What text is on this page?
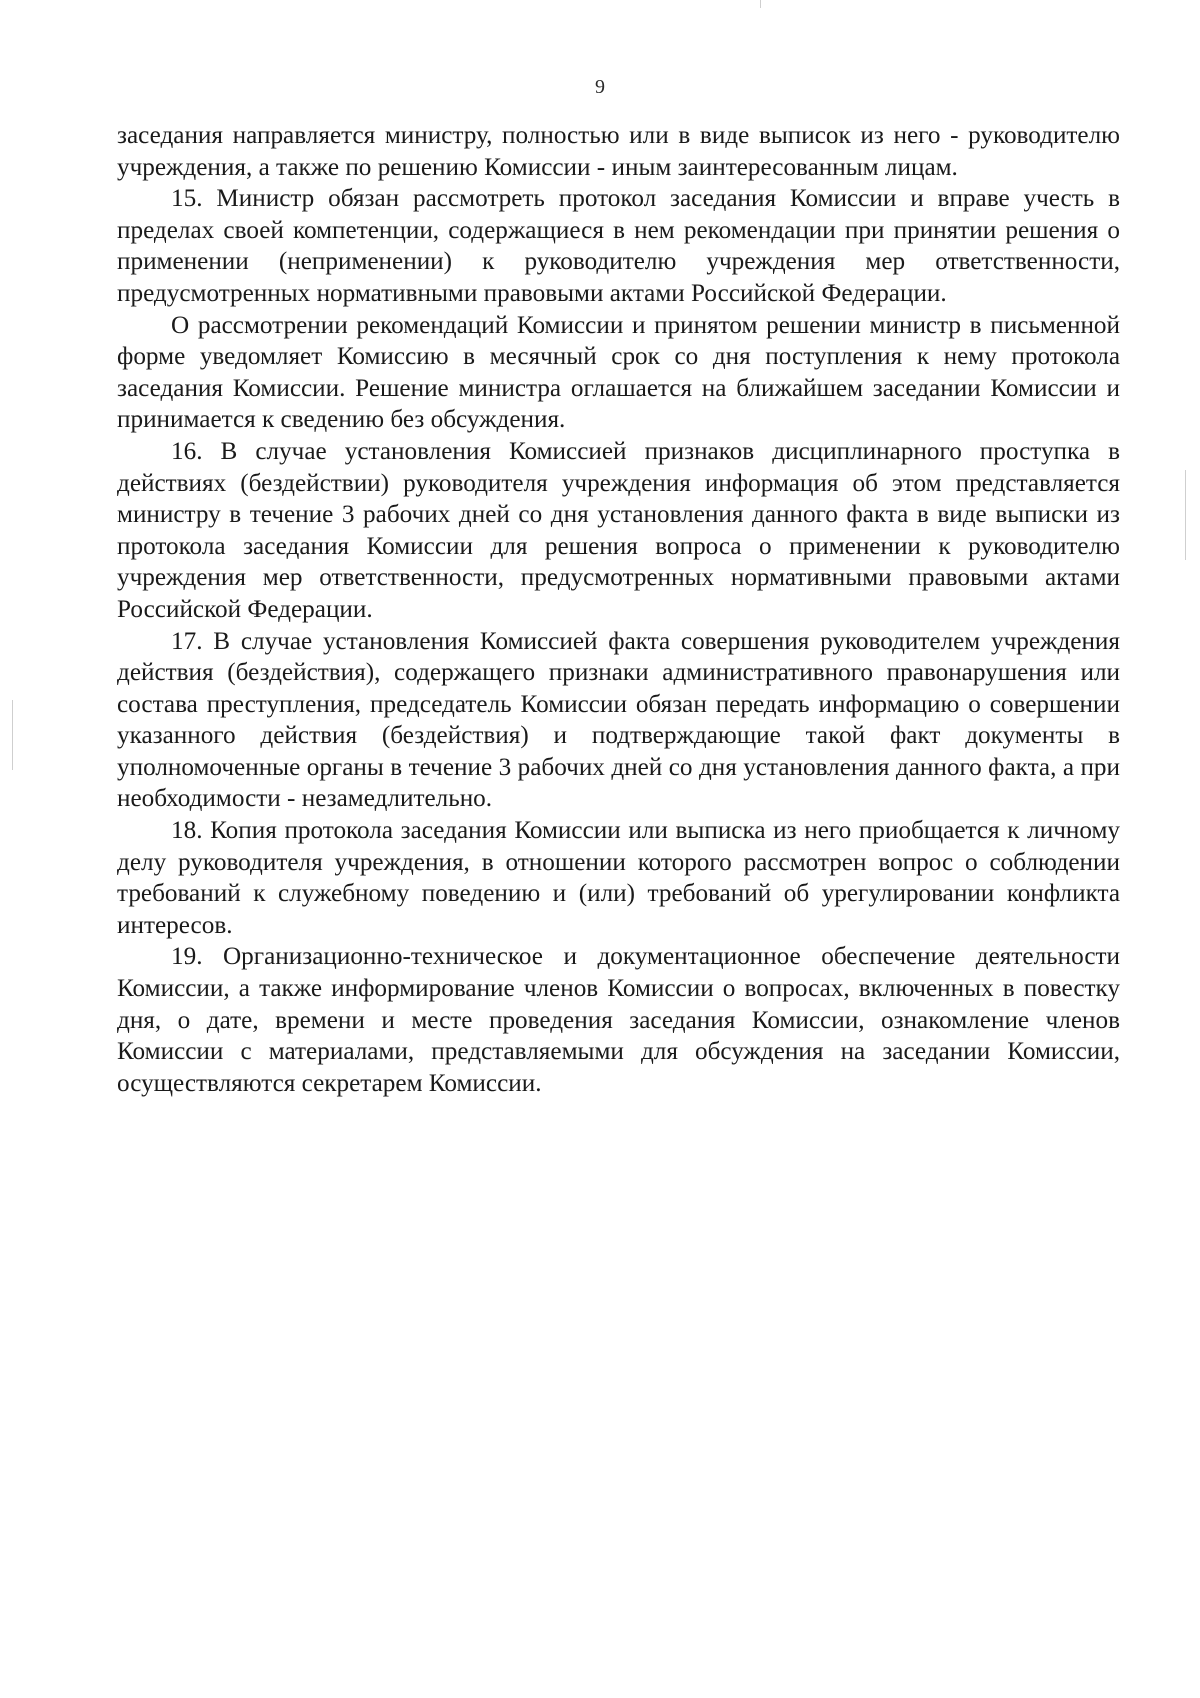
9

заседания направляется министру, полностью или в виде выписок из него - руководителю учреждения, а также по решению Комиссии - иным заинтересованным лицам.

15. Министр обязан рассмотреть протокол заседания Комиссии и вправе учесть в пределах своей компетенции, содержащиеся в нем рекомендации при принятии решения о применении (неприменении) к руководителю учреждения мер ответственности, предусмотренных нормативными правовыми актами Российской Федерации.

О рассмотрении рекомендаций Комиссии и принятом решении министр в письменной форме уведомляет Комиссию в месячный срок со дня поступления к нему протокола заседания Комиссии. Решение министра оглашается на ближайшем заседании Комиссии и принимается к сведению без обсуждения.

16. В случае установления Комиссией признаков дисциплинарного проступка в действиях (бездействии) руководителя учреждения информация об этом представляется министру в течение 3 рабочих дней со дня установления данного факта в виде выписки из протокола заседания Комиссии для решения вопроса о применении к руководителю учреждения мер ответственности, предусмотренных нормативными правовыми актами Российской Федерации.

17. В случае установления Комиссией факта совершения руководителем учреждения действия (бездействия), содержащего признаки административного правонарушения или состава преступления, председатель Комиссии обязан передать информацию о совершении указанного действия (бездействия) и подтверждающие такой факт документы в уполномоченные органы в течение 3 рабочих дней со дня установления данного факта, а при необходимости - незамедлительно.

18. Копия протокола заседания Комиссии или выписка из него приобщается к личному делу руководителя учреждения, в отношении которого рассмотрен вопрос о соблюдении требований к служебному поведению и (или) требований об урегулировании конфликта интересов.

19. Организационно-техническое и документационное обеспечение деятельности Комиссии, а также информирование членов Комиссии о вопросах, включенных в повестку дня, о дате, времени и месте проведения заседания Комиссии, ознакомление членов Комиссии с материалами, представляемыми для обсуждения на заседании Комиссии, осуществляются секретарем Комиссии.
